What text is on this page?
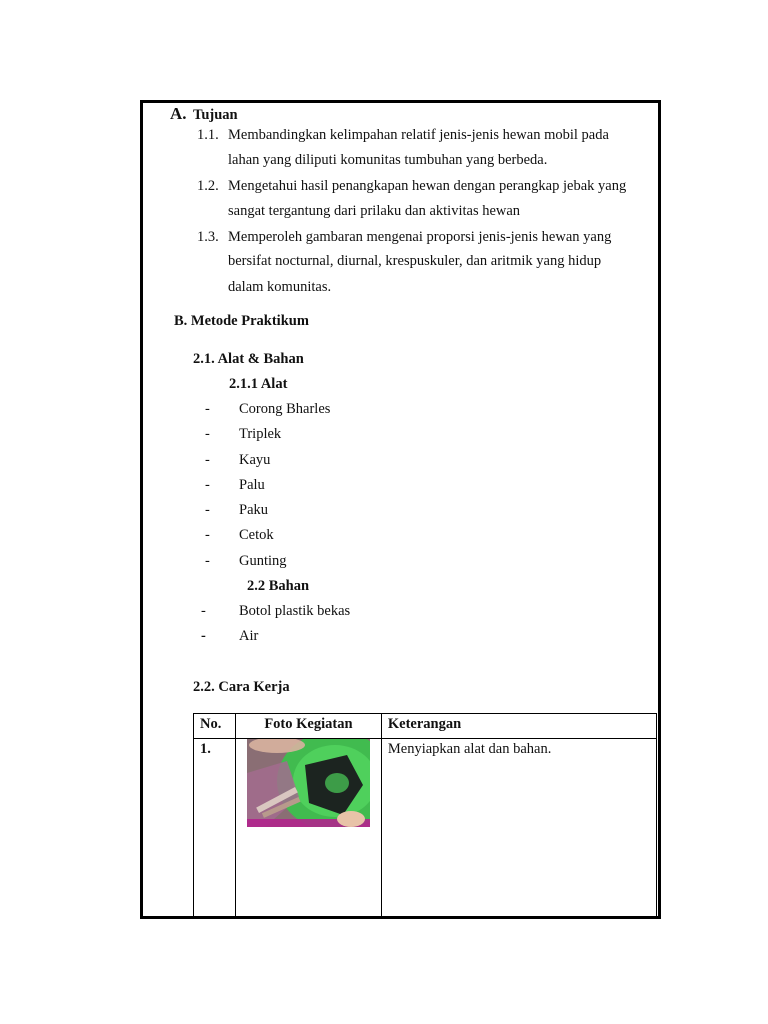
A. Tujuan
1.1. Membandingkan kelimpahan relatif jenis-jenis hewan mobil pada
lahan yang diliputi komunitas tumbuhan yang berbeda.
1.2. Mengetahui hasil penangkapan hewan dengan perangkap jebak yang
sangat tergantung dari prilaku dan aktivitas hewan
1.3. Memperoleh gambaran mengenai proporsi jenis-jenis hewan yang
bersifat nocturnal, diurnal, krespuskuler, dan aritmik yang hidup
dalam komunitas.
B. Metode Praktikum
2.1. Alat & Bahan
2.1.1 Alat
- Corong Bharles
- Triplek
- Kayu
- Palu
- Paku
- Cetok
- Gunting
2.2 Bahan
- Botol plastik bekas
- Air
2.2. Cara Kerja
No.	Foto Kegiatan	Keterangan
1.		Menyiapkan alat dan bahan.
